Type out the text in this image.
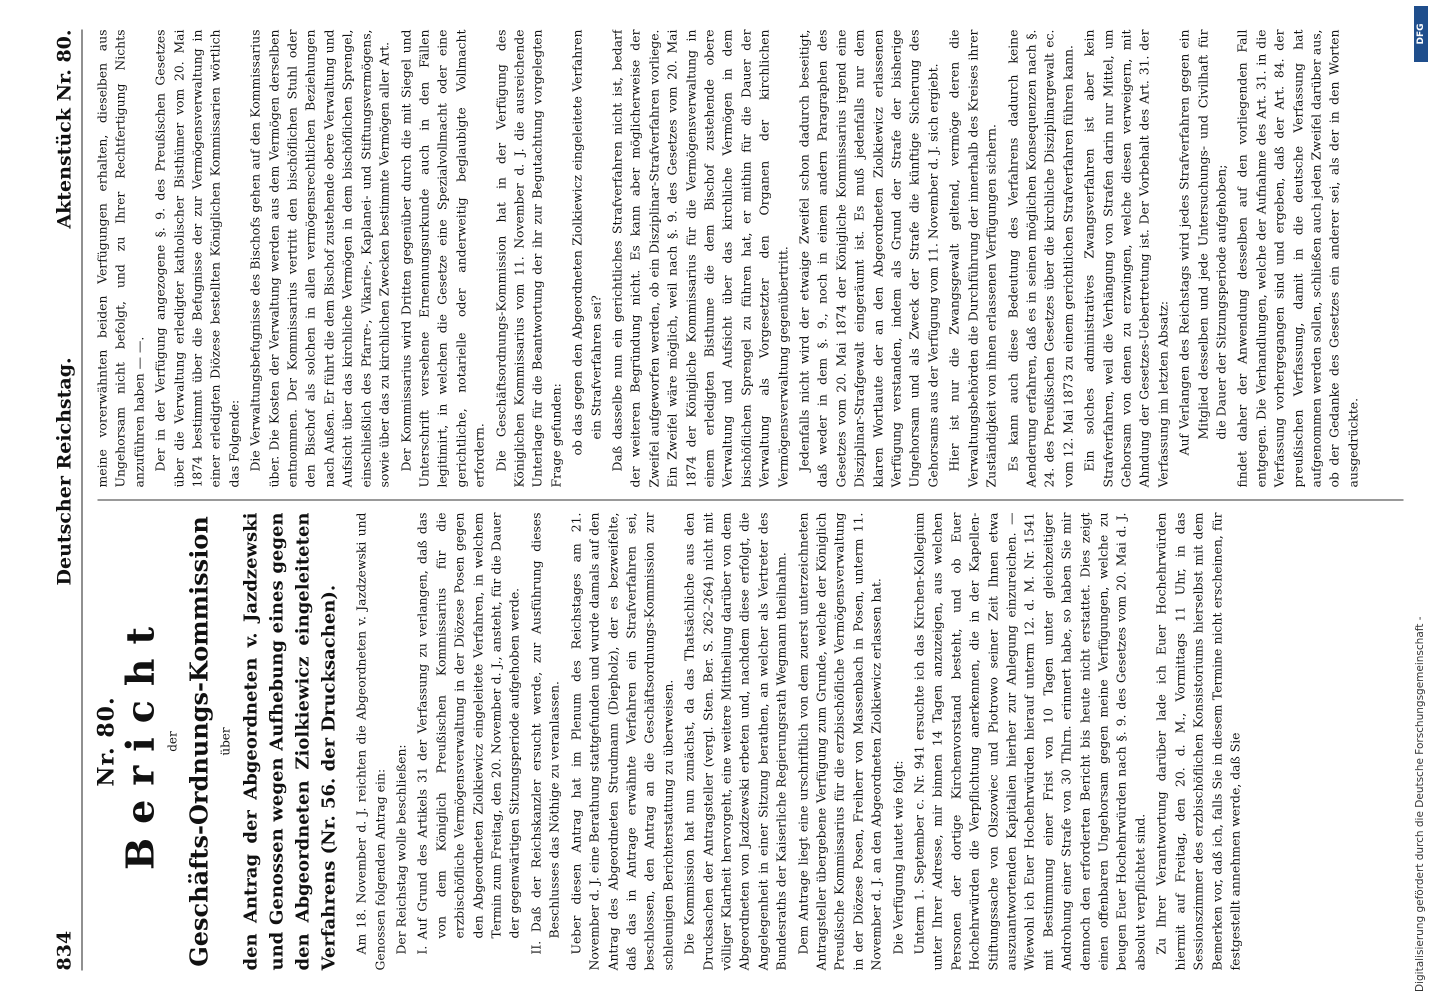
834
Deutscher Reichstag.
Aktenstück Nr. 80.
Nr. 80.
Bericht der Geschäfts-Ordnungs-Kommission über den Antrag der Abgeordneten v. Jazdzewski und Genossen wegen Aufhebung eines gegen den Abgeordneten Ziolkiewicz eingeleiteten Verfahrens (Nr. 56. der Drucksachen). Am 18. November d. J. reichten die Abgeordneten v. Jazdzewski und Genossen folgenden Antrag ein: Der Reichstag wolle beschließen: I. Auf Grund des Artikels 31 der Verfassung zu verlangen, daß das von dem Königlich Preußischen Kommissarius für die erzbischöfliche Vermögensverwaltung in der Diözese Posen gegen den Abgeordneten Ziolkiewicz eingeleitete Verfahren, in welchem Termin zum Freitag, den 20. November d. J., ansteht, für die Dauer der gegenwärtigen Sitzungsperiode aufgehoben werde. II. Daß der Reichskanzler ersucht werde, zur Ausführung dieses Beschlusses das Nöthige zu veranlassen. Ueber diesen Antrag hat im Plenum des Reichstages am 21. November d. J. eine Berathung stattgefunden und wurde damals auf den Antrag des Abgeordneten Strudmann (Diepholz), der es bezweifelte, daß das in Antrage erwähnte Verfahren ein Strafverfahren sei, beschlossen, den Antrag an die Geschäftsordnungs-Kommission zur schleunigen Berichterstattung zu überweisen. Die Kommission hat nun zunächst, da das Thatsächliche aus den Drucksachen der Antragsteller (vergl. Sten. Ber. S. 262–264) nicht mit völliger Klarheit hervorgeht, eine weitere Mittheilung darüber von dem Abgeordneten von Jazdzewski erbeten und, nachdem diese erfolgt, die Angelegenheit in einer Sitzung berathen, an welcher als Vertreter des Bundesraths der Kaiserliche Regierungsrath Wegmann theilnahm. Dem Antrage liegt eine urschriftlich von dem zuerst unterzeichneten Antragsteller übergebene Verfügung zum Grunde, welche der Königlich Preußische Kommissarius für die erzbischöfliche Vermögensverwaltung in der Diözese Posen, Freiherr von Massenbach in Posen, unterm 11. November d. J. an den Abgeordneten Ziolkiewicz erlassen hat. Die Verfügung lautet wie folgt: Unterm 1. September c. Nr. 941 ersuchte ich das Kirchen-Kollegium unter Ihrer Adresse, mir binnen 14 Tagen anzuzeigen, aus welchen Personen der dortige Kirchenvorstand besteht, und ob Euer Hochehrwürden die Verpflichtung anerkennen, die in der Kapellen-Stiftungssache von Olszowiec und Piotrowo seiner Zeit Ihnen etwa auszuantwortenden Kapitalien hierher zur Anlegung einzureichen. — Wiewohl ich Euer Hochehrwürden hierauf unterm 12. d. M. Nr. 1541 mit Bestimmung einer Frist von 10 Tagen unter gleichzeitiger Androhung einer Strafe von 30 Thlrn. erinnert habe, so haben Sie mir dennoch den erforderten Bericht bis heute nicht erstattet. Dies zeigt einen offenbaren Ungehorsam gegen meine Verfügungen, welche zu beugen Euer Hochehrwürden nach §. 9. des Gesetzes vom 20. Mai d. J. absolut verpflichtet sind. Zu Ihrer Verantwortung darüber lade ich Euer Hochehrwürden hiermit auf Freitag, den 20. d. M., Vormittags 11 Uhr, in das Sessionszimmer des erzbischöflichen Konsistoriums hierselbst mit dem Bemerken vor, daß ich, falls Sie in diesem Termine nicht erscheinen, für festgestellt annehmen werde, daß Sie

meine vorerwähnten beiden Verfügungen erhalten, dieselben aus Ungehorsam nicht befolgt, und zu Ihrer Rechtfertigung Nichts anzuführen haben — —. Der in der Verfügung angezogene §. 9. des Preußischen Gesetzes über die Verwaltung erledigter katholischer Bisthümer vom 20. Mai 1874 bestimmt über die Befugnisse der zur Vermögensverwaltung in einer erledigten Diözese bestellten Königlichen Kommissarien wörtlich das Folgende: Die Verwaltungsbefugnisse des Bischofs gehen auf den Kommissarius über. Die Kosten der Verwaltung werden aus dem Vermögen derselben entnommen. Der Kommissarius vertritt den bischöflichen Stuhl oder den Bischof als solchen in allen vermögensrechtlichen Beziehungen nach Außen. Er führt die dem Bischof zustehende obere Verwaltung und Aufsicht über das kirchliche Vermögen in dem bischöflichen Sprengel, einschließlich des Pfarre-, Vikarie-, Kaplanei- und Stiftungsvermögens, sowie über das zu kirchlichen Zwecken bestimmte Vermögen aller Art. Der Kommissarius wird Dritten gegenüber durch die mit Siegel und Unterschrift versehene Ernennungsurkunde auch in den Fällen legitimirt, in welchen die Gesetze eine Spezialvollmacht oder eine gerichtliche, notarielle oder anderweitig beglaubigte Vollmacht erfordern. Die Geschäftsordnungs-Kommission hat in der Verfügung des Königlichen Kommissarius vom 11. November d. J. die ausreichende Unterlage für die Beantwortung der ihr zur Begutachtung vorgelegten Frage gefunden: ob das gegen den Abgeordneten Ziolkiewicz eingeleitete Verfahren ein Strafverfahren sei? Daß dasselbe nun ein gerichtliches Strafverfahren nicht ist, bedarf der weiteren Begründung nicht. Es kann aber möglicherweise der Zweifel aufgeworfen werden, ob ein Disziplinar-Strafverfahren vorliege. Ein Zweifel wäre möglich, weil nach §. 9. des Gesetzes vom 20. Mai 1874 der Königliche Kommissarius für die Vermögensverwaltung in einem erledigten Bisthume die dem Bischof zustehende obere Verwaltung und Aufsicht über das kirchliche Vermögen in dem bischöflichen Sprengel zu führen hat, er mithin für die Dauer der Verwaltung als Vorgesetzter den Organen der kirchlichen Vermögensverwaltung gegenübertritt. Jedenfalls nicht wird der etwaige Zweifel schon dadurch beseitigt, daß weder in dem §. 9., noch in einem andern Paragraphen des Gesetzes vom 20. Mai 1874 der Königliche Kommissarius irgend eine Disziplinar-Strafgewalt eingeräumt ist. Es muß jedenfalls nur dem klaren Wortlaute der an den Abgeordneten Ziolkiewicz erlassenen Verfügung verstanden, indem als Grund der Strafe der bisherige Ungehorsam und als Zweck der Strafe die künftige Sicherung des Gehorsams aus der Verfügung vom 11. November d. J. sich ergiebt. Hier ist nur die Zwangsgewalt geltend, vermöge deren die Verwaltungsbehörden die Durchführung der innerhalb des Kreises ihrer Zuständigkeit von ihnen erlassenen Verfügungen sichern. Es kann auch diese Bedeutung des Verfahrens dadurch keine Aenderung erfahren, daß es in seinen möglichen Konsequenzen nach §. 24. des Preußischen Gesetzes über die kirchliche Disziplinargewalt ec. vom 12. Mai 1873 zu einem gerichtlichen Strafverfahren führen kann. Ein solches administratives Zwangsverfahren ist aber kein Strafverfahren, weil die Verhängung von Strafen darin nur Mittel, um Gehorsam von denen zu erzwingen, welche diesen verweigern, mit Ahndung der Gesetzes-Uebertretung ist. Der Vorbehalt des Art. 31. der Verfassung im letzten Absatz: Auf Verlangen des Reichstags wird jedes Strafverfahren gegen ein Mitglied desselben und jede Untersuchungs- und Civilhaft für die Dauer der Sitzungsperiode aufgehoben; findet daher der Anwendung desselben auf den vorliegenden Fall entgegen. Die Verhandlungen, welche der Aufnahme des Art. 31. in die Verfassung vorhergegangen sind und ergeben, daß der Art. 84. der preußischen Verfassung, damit in die deutsche Verfassung hat aufgenommen werden sollen, schließen auch jeden Zweifel darüber aus, ob der Gedanke des Gesetzes ein anderer sei, als der in den Worten ausgedrückte.

Digitalisierung gefördert durch die Deutsche Forschungsgemeinschaft -
DFG
